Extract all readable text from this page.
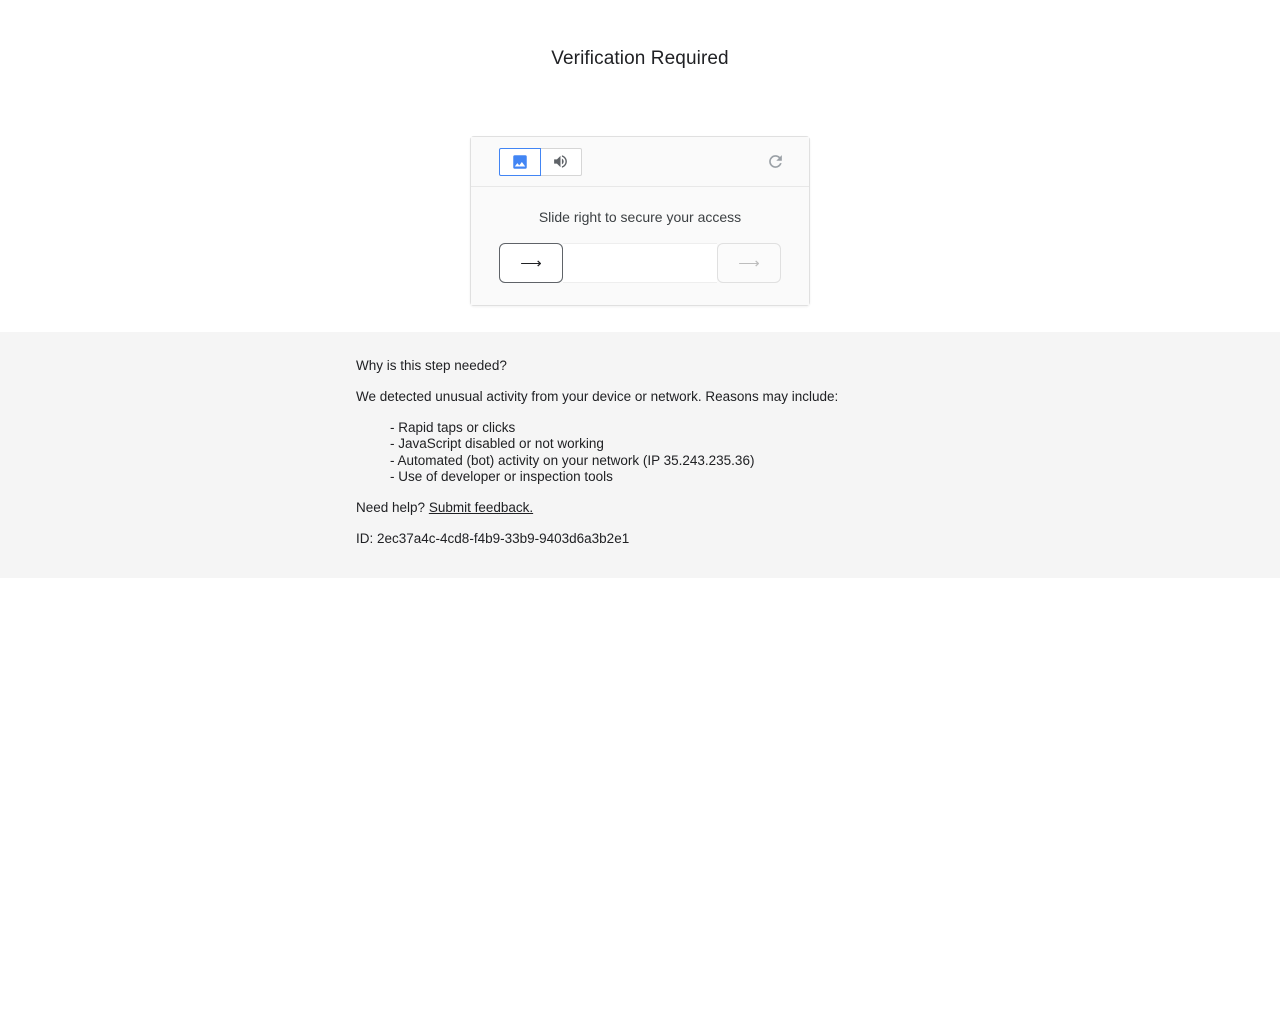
Verification Required
Slide right to secure your access
⟶	⟶

Why is this step needed?

We detected unusual activity from your device or network. Reasons may include:

- Rapid taps or clicks
- JavaScript disabled or not working
- Automated (bot) activity on your network (IP 35.243.235.36)
- Use of developer or inspection tools

Need help? Submit feedback.

ID: 2ec37a4c-4cd8-f4b9-33b9-9403d6a3b2e1
